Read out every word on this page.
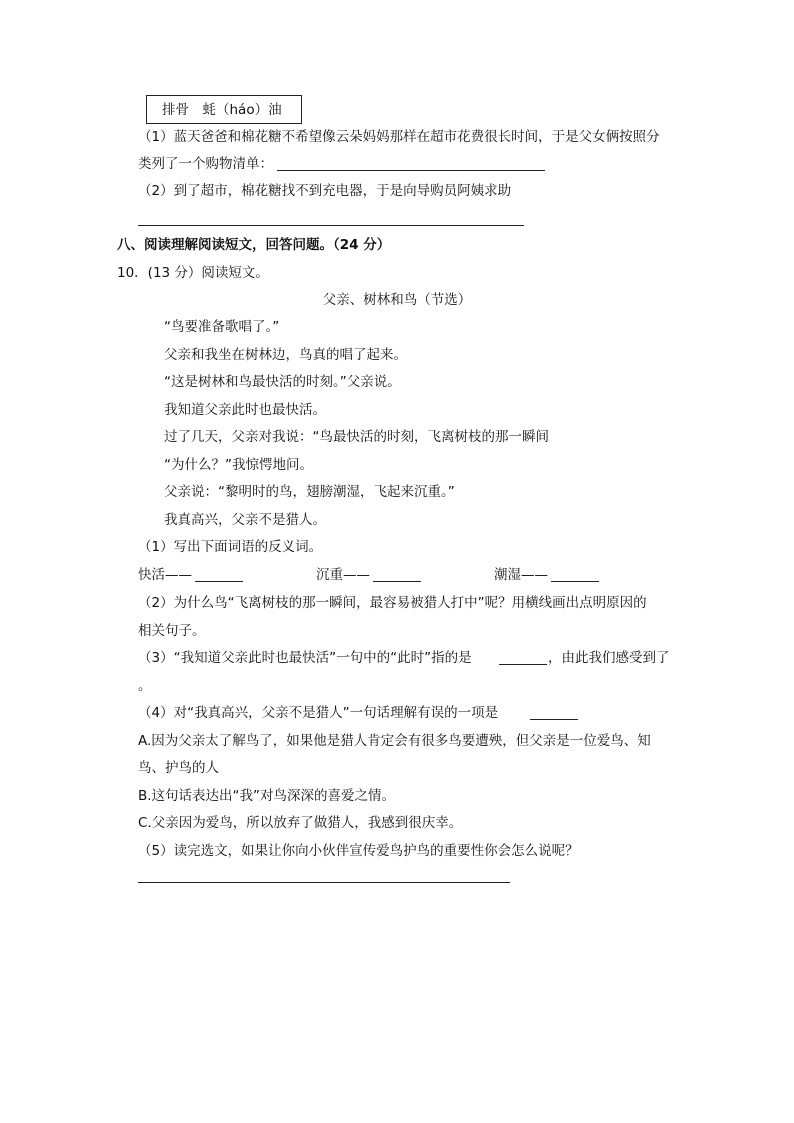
排骨　蚝（háo）油
（1）蓝天爸爸和棉花糖不希望像云朵妈妈那样在超市花费很长时间，于是父女俩按照分
类列了一个购物清单：
（2）到了超市，棉花糖找不到充电器，于是向导购员阿姨求助
八、阅读理解阅读短文，回答问题。（24 分）
10．(13 分）阅读短文。
父亲、树林和鸟（节选）
“鸟要准备歌唱了。”
父亲和我坐在树林边，鸟真的唱了起来。
“这是树林和鸟最快活的时刻。”父亲说。
我知道父亲此时也最快活。
过了几天，父亲对我说：“鸟最快活的时刻，飞离树枝的那一瞬间
“为什么？”我惊愕地问。
父亲说：“黎明时的鸟，翅膀潮湿，飞起来沉重。”
我真高兴，父亲不是猎人。
（1）写出下面词语的反义词。
快活——	沉重——	潮湿——
（2）为什么鸟“飞离树枝的那一瞬间，最容易被猎人打中”呢？用横线画出点明原因的
相关句子。
（3）“我知道父亲此时也最快活”一句中的“此时”指的是	，由此我们感受到了
。
（4）对“我真高兴，父亲不是猎人”一句话理解有误的一项是
A.因为父亲太了解鸟了，如果他是猎人肯定会有很多鸟要遭殃，但父亲是一位爱鸟、知
鸟、护鸟的人
B.这句话表达出“我”对鸟深深的喜爱之情。
C.父亲因为爱鸟，所以放弃了做猎人，我感到很庆幸。
（5）读完选文，如果让你向小伙伴宣传爱鸟护鸟的重要性你会怎么说呢？
